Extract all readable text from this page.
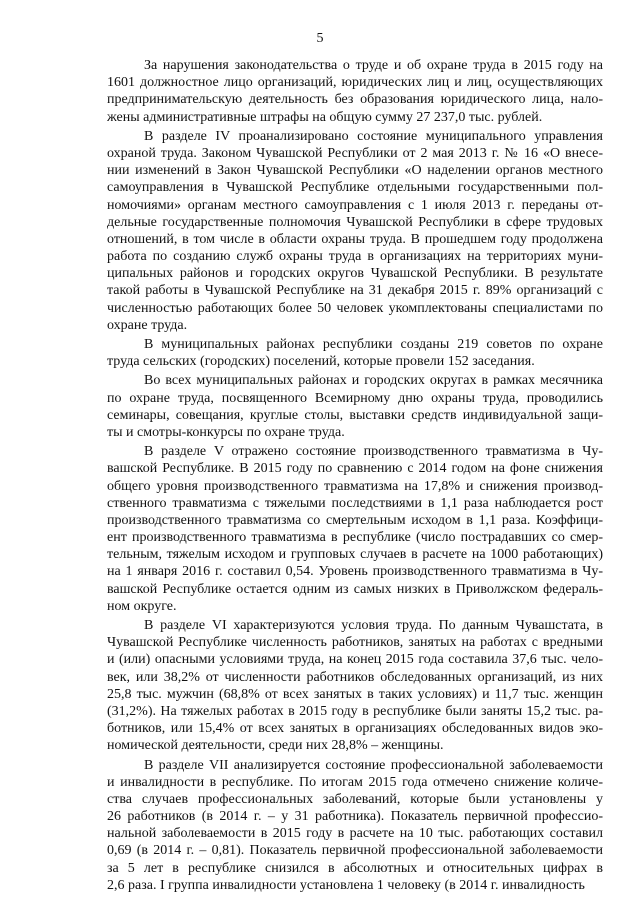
5
За нарушения законодательства о труде и об охране труда в 2015 году на
1601 должностное лицо организаций, юридических лиц и лиц, осуществляющих
предпринимательскую деятельность без образования юридического лица, нало-
жены административные штрафы на общую сумму 27 237,0 тыс. рублей.
В разделе IV проанализировано состояние муниципального управления
охраной труда. Законом Чувашской Республики от 2 мая 2013 г. № 16 «О внесе-
нии изменений в Закон Чувашской Республики «О наделении органов местного
самоуправления в Чувашской Республике отдельными государственными пол-
номочиями» органам местного самоуправления с 1 июля 2013 г. переданы от-
дельные государственные полномочия Чувашской Республики в сфере трудовых
отношений, в том числе в области охраны труда. В прошедшем году продолжена
работа по созданию служб охраны труда в организациях на территориях муни-
ципальных районов и городских округов Чувашской Республики. В результате
такой работы в Чувашской Республике на 31 декабря 2015 г. 89% организаций с
численностью работающих более 50 человек укомплектованы специалистами по
охране труда.
В муниципальных районах республики созданы 219 советов по охране
труда сельских (городских) поселений, которые провели 152 заседания.
Во всех муниципальных районах и городских округах в рамках месячника
по охране труда, посвященного Всемирному дню охраны труда, проводились
семинары, совещания, круглые столы, выставки средств индивидуальной защи-
ты и смотры-конкурсы по охране труда.
В разделе V отражено состояние производственного травматизма в Чу-
вашской Республике. В 2015 году по сравнению с 2014 годом на фоне снижения
общего уровня производственного травматизма на 17,8% и снижения производ-
ственного травматизма с тяжелыми последствиями в 1,1 раза наблюдается рост
производственного травматизма со смертельным исходом в 1,1 раза. Коэффици-
ент производственного травматизма в республике (число пострадавших со смер-
тельным, тяжелым исходом и групповых случаев в расчете на 1000 работающих)
на 1 января 2016 г. составил 0,54. Уровень производственного травматизма в Чу-
вашской Республике остается одним из самых низких в Приволжском федераль-
ном округе.
В разделе VI характеризуются условия труда. По данным Чувашстата, в
Чувашской Республике численность работников, занятых на работах с вредными
и (или) опасными условиями труда, на конец 2015 года составила 37,6 тыс. чело-
век, или 38,2% от численности работников обследованных организаций, из них
25,8 тыс. мужчин (68,8% от всех занятых в таких условиях) и 11,7 тыс. женщин
(31,2%). На тяжелых работах в 2015 году в республике были заняты 15,2 тыс. ра-
ботников, или 15,4% от всех занятых в организациях обследованных видов эко-
номической деятельности, среди них 28,8% – женщины.
В разделе VII анализируется состояние профессиональной заболеваемости
и инвалидности в республике. По итогам 2015 года отмечено снижение количе-
ства случаев профессиональных заболеваний, которые были установлены у
26 работников (в 2014 г. – у 31 работника). Показатель первичной профессио-
нальной заболеваемости в 2015 году в расчете на 10 тыс. работающих составил
0,69 (в 2014 г. – 0,81). Показатель первичной профессиональной заболеваемости
за 5 лет в республике снизился в абсолютных и относительных цифрах в
2,6 раза. I группа инвалидности установлена 1 человеку (в 2014 г. инвалидность
